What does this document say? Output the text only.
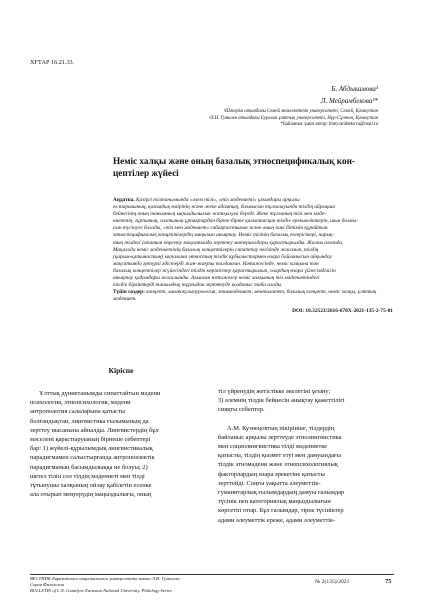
ХҒТАР 16.21.33.
Б. Абдыкамова¹
Л. Мейрамбекова²*
¹Шәкәрім атындағы Семей мемлекеттік университеті, Семей, Қазақстан
²Л.Н. Гумилев атындағы Еуразия ұлттық университеті, Нұр-Сұлтан, Қазақстан
*Байланыс үшін автор: lmeyrambekova@mail.ru
Неміс халқы және оның базалық этноспецификалық кон-
цептілер жүйесі
Аңдатпа. Қазіргі тілтанымында «әлем тілі», «тіл мәдениеті» ұғымдары арқылы
ел тарихының, қоғамдық өмірінің және жеке адамның, болмысын тұлғалауында тілдің айрықша
бейнесінің оның танымның ықпалдылығын жатқызуға береді. Жеке тұлғаның тілі мен мәде-
ниеттің, ғұрпының, салтының ұрпақтардан бірте-бірте қалыптасқан тілдік ерекшеліктерін, шын болмы-
сын түсінуге болады, «тіл мен мәдениет» сабақтастығын және оның ішкі бітімін құрайтын
этноспецификалық концептілердің маңызын анықтау. Неміс тілінің базалық өзгерістері, нарық-
тың тілдегі сипатын көрсету мақсатында зерттеу материалдары қарастырылды. Жалпы алғанда,
Мақалада неміс мәдениетінің базалық концептілерін сипаттау негізінде жасалып, тілдің
(қарым-қатынастың) ықпалына этностың тілдік құбылыстармен өзара байланысын айқындау
мақсатында әртүрлі әдістерді жан-жақты талданған. Нәтижесінде, неміс халқына тән
базалық концептілер жүйесіндегі тілдік көріністер қарастырылып, олардың өзара үйлесімділігін
анықтау қадамдары жасалынды. Алынған нәтижелер неміс халқының тіл мәдениетіндегі
тілдік бірліктерді танымдық тұрғыдан зерттеуде қолданыс таба алады.
Түйін сөздер: концепт, лингвокультурология, этномәдениет, менталитет, базалық концепт, неміс халқы, ұлттық
мәдениет.
DOI: 10.32523/2616-678X-2021-135-2-75-81
Кіріспе
Ұлттық дүниетанымды сипаттайтын мәдени
психология, этнопсихология, мәдени
антропология салаларына қатысты
болғандықтан, лингвистика ғылымының да
зерттеу нысанына айналды. Лингвистердің бұл
мәселені қарастыруының бірнеше себептері
бар: 1) жүйелі-құрылымдық лингвистикалық
парадигмамен салыстырғанда антропоөзектік
парадигманың басымдылыққа ие болуы; 2)
шетел тілін сол тілдің мәдениеті мен тілді
тұтынушы халқының ойлау қабілетін есепке
ала отырып меңгерудің маңыздылығы, оның
тіл үйренудің жетістікке әкелетіні ұғыну;
3) әлемнің тілдік бейнесін анықтау қажеттілігі
сияқты себептер.
А.М. Кузнецовтың пікірінше, тілдердің
байланыс арқылы зерттеуде этнолингвистика
мен социолингвистика тілді мәдениетке
қатысты, тілдің қызмет етуі мен дамуындағы
тілдік этномәдени және этнопсихологиялық
факторлардың өзара әрекетіне қатысты
зерттейді. Соңғы уақытта әлеуметтік-
гуманитарлық ғылымдардың дамуы ғалымдар
түсінік пен категориялық маңыздылығын
көрсетіп отыр. Бұл ғалымдар, тірек түсініктер
адами әлеуметтік ереже, адами әлеуметтік-
ВЕСТНИК Евразийского национального университета имени Л.Н. Гумилева.
Серия Филология
BULLETIN of L.N. Gumilyov Eurasian National University. Philology Series
№ 2(135)/2021	75
